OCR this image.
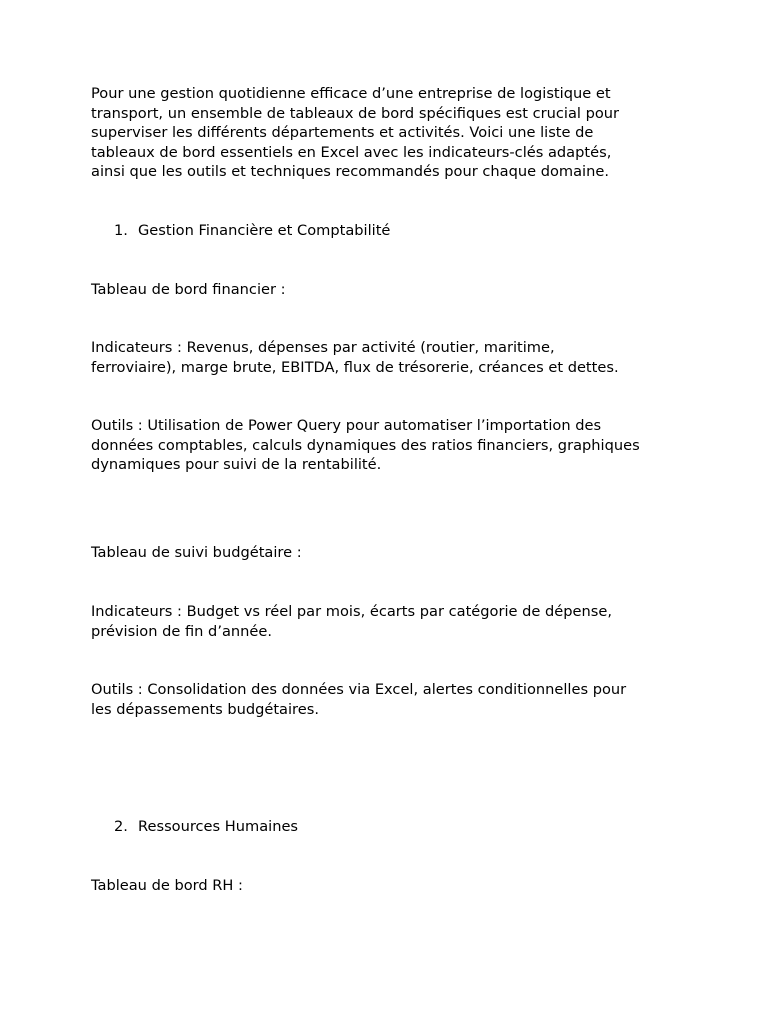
Pour une gestion quotidienne efficace d’une entreprise de logistique et
transport, un ensemble de tableaux de bord spécifiques est crucial pour
superviser les différents départements et activités. Voici une liste de
tableaux de bord essentiels en Excel avec les indicateurs-clés adaptés,
ainsi que les outils et techniques recommandés pour chaque domaine.

1. Gestion Financière et Comptabilité

Tableau de bord financier :

Indicateurs : Revenus, dépenses par activité (routier, maritime,
ferroviaire), marge brute, EBITDA, flux de trésorerie, créances et dettes.

Outils : Utilisation de Power Query pour automatiser l’importation des
données comptables, calculs dynamiques des ratios financiers, graphiques
dynamiques pour suivi de la rentabilité.

Tableau de suivi budgétaire :

Indicateurs : Budget vs réel par mois, écarts par catégorie de dépense,
prévision de fin d’année.

Outils : Consolidation des données via Excel, alertes conditionnelles pour
les dépassements budgétaires.

2. Ressources Humaines

Tableau de bord RH :
